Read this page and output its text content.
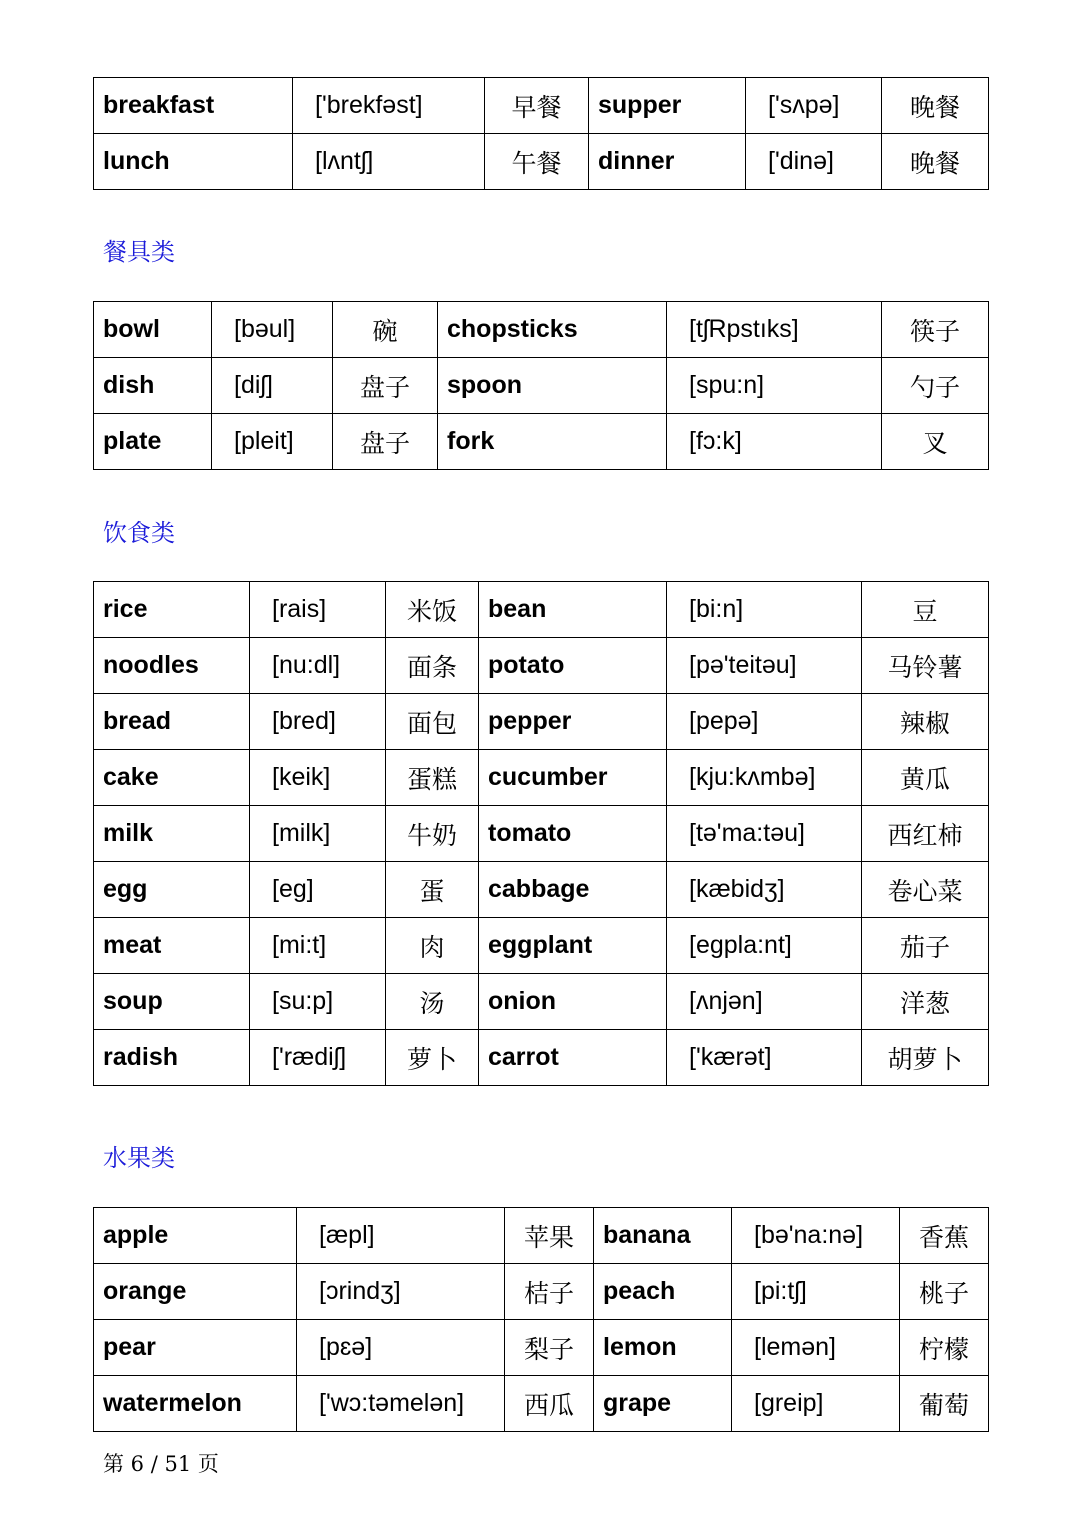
breakfast	['brekfəst]	早餐	supper	['sʌpə]	晚餐
lunch	[lʌntʃ]	午餐	dinner	['dinə]	晚餐
餐具类
bowl	[bəul]	碗	chopsticks	[tʃRpstıks]	筷子
dish	[diʃ]	盘子	spoon	[spu:n]	勺子
plate	[pleit]	盘子	fork	[fɔ:k]	叉
饮食类
rice	[rais]	米饭	bean	[bi:n]	豆
noodles	[nu:dl]	面条	potato	[pə'teitəu]	马铃薯
bread	[bred]	面包	pepper	[pepə]	辣椒
cake	[keik]	蛋糕	cucumber	[kju:kʌmbə]	黄瓜
milk	[milk]	牛奶	tomato	[tə'ma:təu]	西红柿
egg	[eɡ]	蛋	cabbage	[kæbidʒ]	卷心菜
meat	[mi:t]	肉	eggplant	[egpla:nt]	茄子
soup	[su:p]	汤	onion	[ʌnjən]	洋葱
radish	['rædiʃ]	萝卜	carrot	['kærət]	胡萝卜
水果类
apple	[æpl]	苹果	banana	[bə'na:nə]	香蕉
orange	[ɔrindʒ]	桔子	peach	[pi:tʃ]	桃子
pear	[pɛə]	梨子	lemon	[lemən]	柠檬
watermelon	['wɔ:təmelən]	西瓜	grape	[greip]	葡萄
第 6 / 51 页
